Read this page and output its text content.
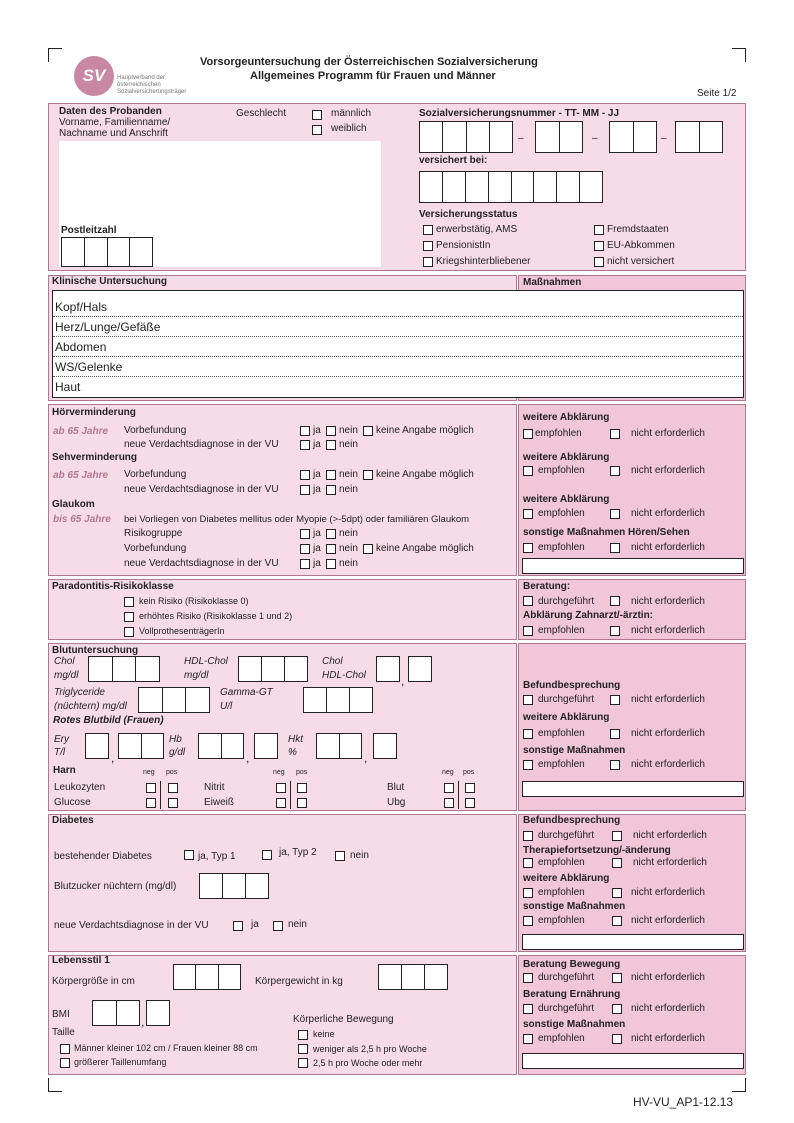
SV Hauptverband der
österreichischen
Sozialversicherungsträger
Vorsorgeuntersuchung der Österreichischen Sozialversicherung
Allgemeines Programm für Frauen und Männer
Seite 1/2
Daten des Probanden
Vorname, Familienname/
Nachname und Anschrift
Postleitzahl
Geschlecht	männlich
weiblich
Sozialversicherungsnummer - TT- MM - JJ
–	–	–
versichert bei:
Versicherungsstatus
erwerbstätig, AMS	Fremdstaaten
PensionistIn	EU-Abkommen
Kriegshinterbliebener	nicht versichert
Klinische Untersuchung	Maßnahmen
Kopf/Hals
Herz/Lunge/Gefäße
Abdomen
WS/Gelenke
Haut
Hörverminderung
ab 65 Jahre Vorbefundung	ja nein keine Angabe möglich
neue Verdachtsdiagnose in der VU	ja nein
Sehverminderung
ab 65 Jahre Vorbefundung	ja nein keine Angabe möglich
neue Verdachtsdiagnose in der VU	ja nein
Glaukom
bis 65 Jahre bei Vorliegen von Diabetes mellitus oder Myopie (>-5dpt) oder familiären Glaukom
Risikogruppe	ja nein
Vorbefundung	ja nein keine Angabe möglich
neue Verdachtsdiagnose in der VU	ja nein
weitere Abklärung
empfohlen	nicht erforderlich
weitere Abklärung
empfohlen	nicht erforderlich
weitere Abklärung
empfohlen	nicht erforderlich
sonstige Maßnahmen Hören/Sehen
empfohlen	nicht erforderlich
Paradontitis-Risikoklasse
kein Risiko (Risikoklasse 0)
erhöhtes Risiko (Risikoklasse 1 und 2)
VollprothesenträgerIn
Beratung:
durchgeführt	nicht erforderlich
Abklärung Zahnarzt/-ärztin:
empfohlen	nicht erforderlich
Blutuntersuchung
Chol
mg/dl
HDL-Chol
mg/dl
Chol
HDL-Chol	,
Triglyceride
(nüchtern) mg/dl
Gamma-GT
U/l
Rotes Blutbild (Frauen)
Ery
T/l	,
Hb
g/dl	,
Hkt
%	,
Harn	neg pos	neg pos	neg pos
Leukozyten	Nitrit	Blut
Glucose	Eiweiß	Ubg
Befundbesprechung
durchgeführt	nicht erforderlich
weitere Abklärung
empfohlen	nicht erforderlich
sonstige Maßnahmen
empfohlen	nicht erforderlich
Diabetes
bestehender Diabetes	ja, Typ 1	ja, Typ 2	nein
Blutzucker nüchtern (mg/dl)
neue Verdachtsdiagnose in der VU	ja	nein
Befundbesprechung
durchgeführt	nicht erforderlich
Therapiefortsetzung/-änderung
empfohlen	nicht erforderlich
weitere Abklärung
empfohlen	nicht erforderlich
sonstige Maßnahmen
empfohlen	nicht erforderlich
Lebensstil 1
Körpergröße in cm	Körpergewicht in kg
BMI
,
Taille
Männer kleiner 102 cm / Frauen kleiner 88 cm
größerer Taillenumfang
Körperliche Bewegung
keine
weniger als 2,5 h pro Woche
2,5 h pro Woche oder mehr
Beratung Bewegung
durchgeführt	nicht erforderlich
Beratung Ernährung
durchgeführt	nicht erforderlich
sonstige Maßnahmen
empfohlen	nicht erforderlich
HV-VU_AP1-12.13
